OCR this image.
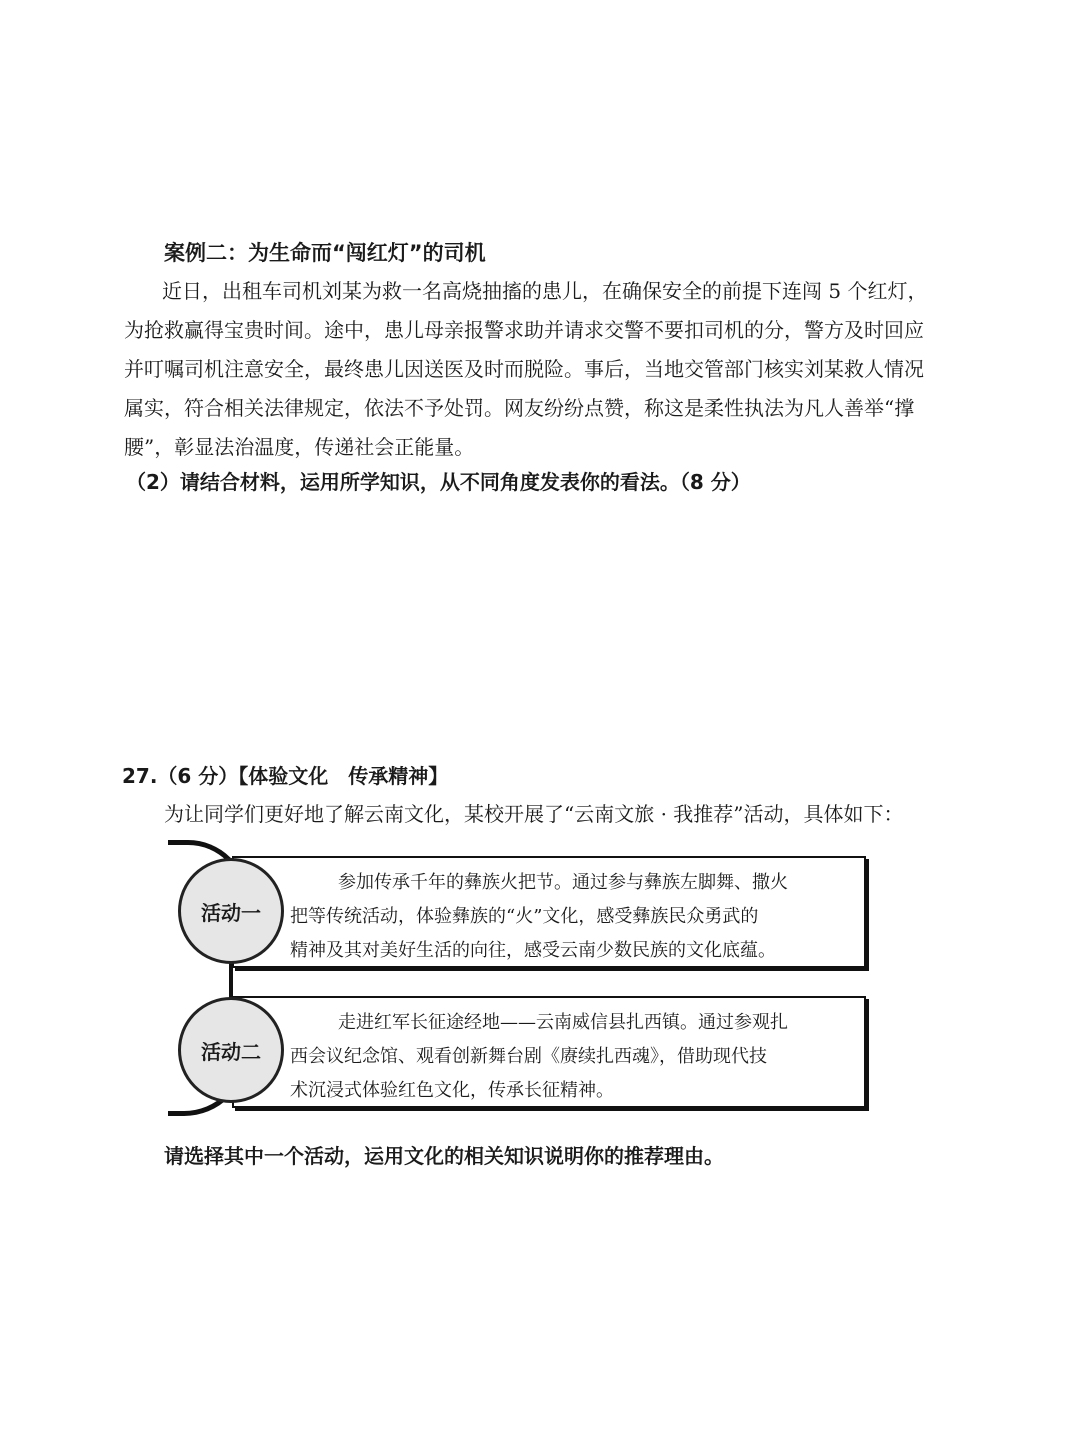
案例二：为生命而“闯红灯”的司机
近日，出租车司机刘某为救一名高烧抽搐的患儿，在确保安全的前提下连闯 5 个红灯，
为抢救赢得宝贵时间。途中，患儿母亲报警求助并请求交警不要扣司机的分，警方及时回应
并叮嘱司机注意安全，最终患儿因送医及时而脱险。事后，当地交管部门核实刘某救人情况
属实，符合相关法律规定，依法不予处罚。网友纷纷点赞，称这是柔性执法为凡人善举“撑
腰”，彰显法治温度，传递社会正能量。
（2）请结合材料，运用所学知识，从不同角度发表你的看法。（8 分）
27.（6 分）【体验文化　传承精神】
为让同学们更好地了解云南文化，某校开展了“云南文旅 · 我推荐”活动，具体如下：
参加传承千年的彝族火把节。通过参与彝族左脚舞、撒火
把等传统活动，体验彝族的“火”文化，感受彝族民众勇武的
精神及其对美好生活的向往，感受云南少数民族的文化底蕴。
活动一
走进红军长征途经地——云南威信县扎西镇。通过参观扎
西会议纪念馆、观看创新舞台剧《赓续扎西魂》，借助现代技
术沉浸式体验红色文化，传承长征精神。
活动二
请选择其中一个活动，运用文化的相关知识说明你的推荐理由。
